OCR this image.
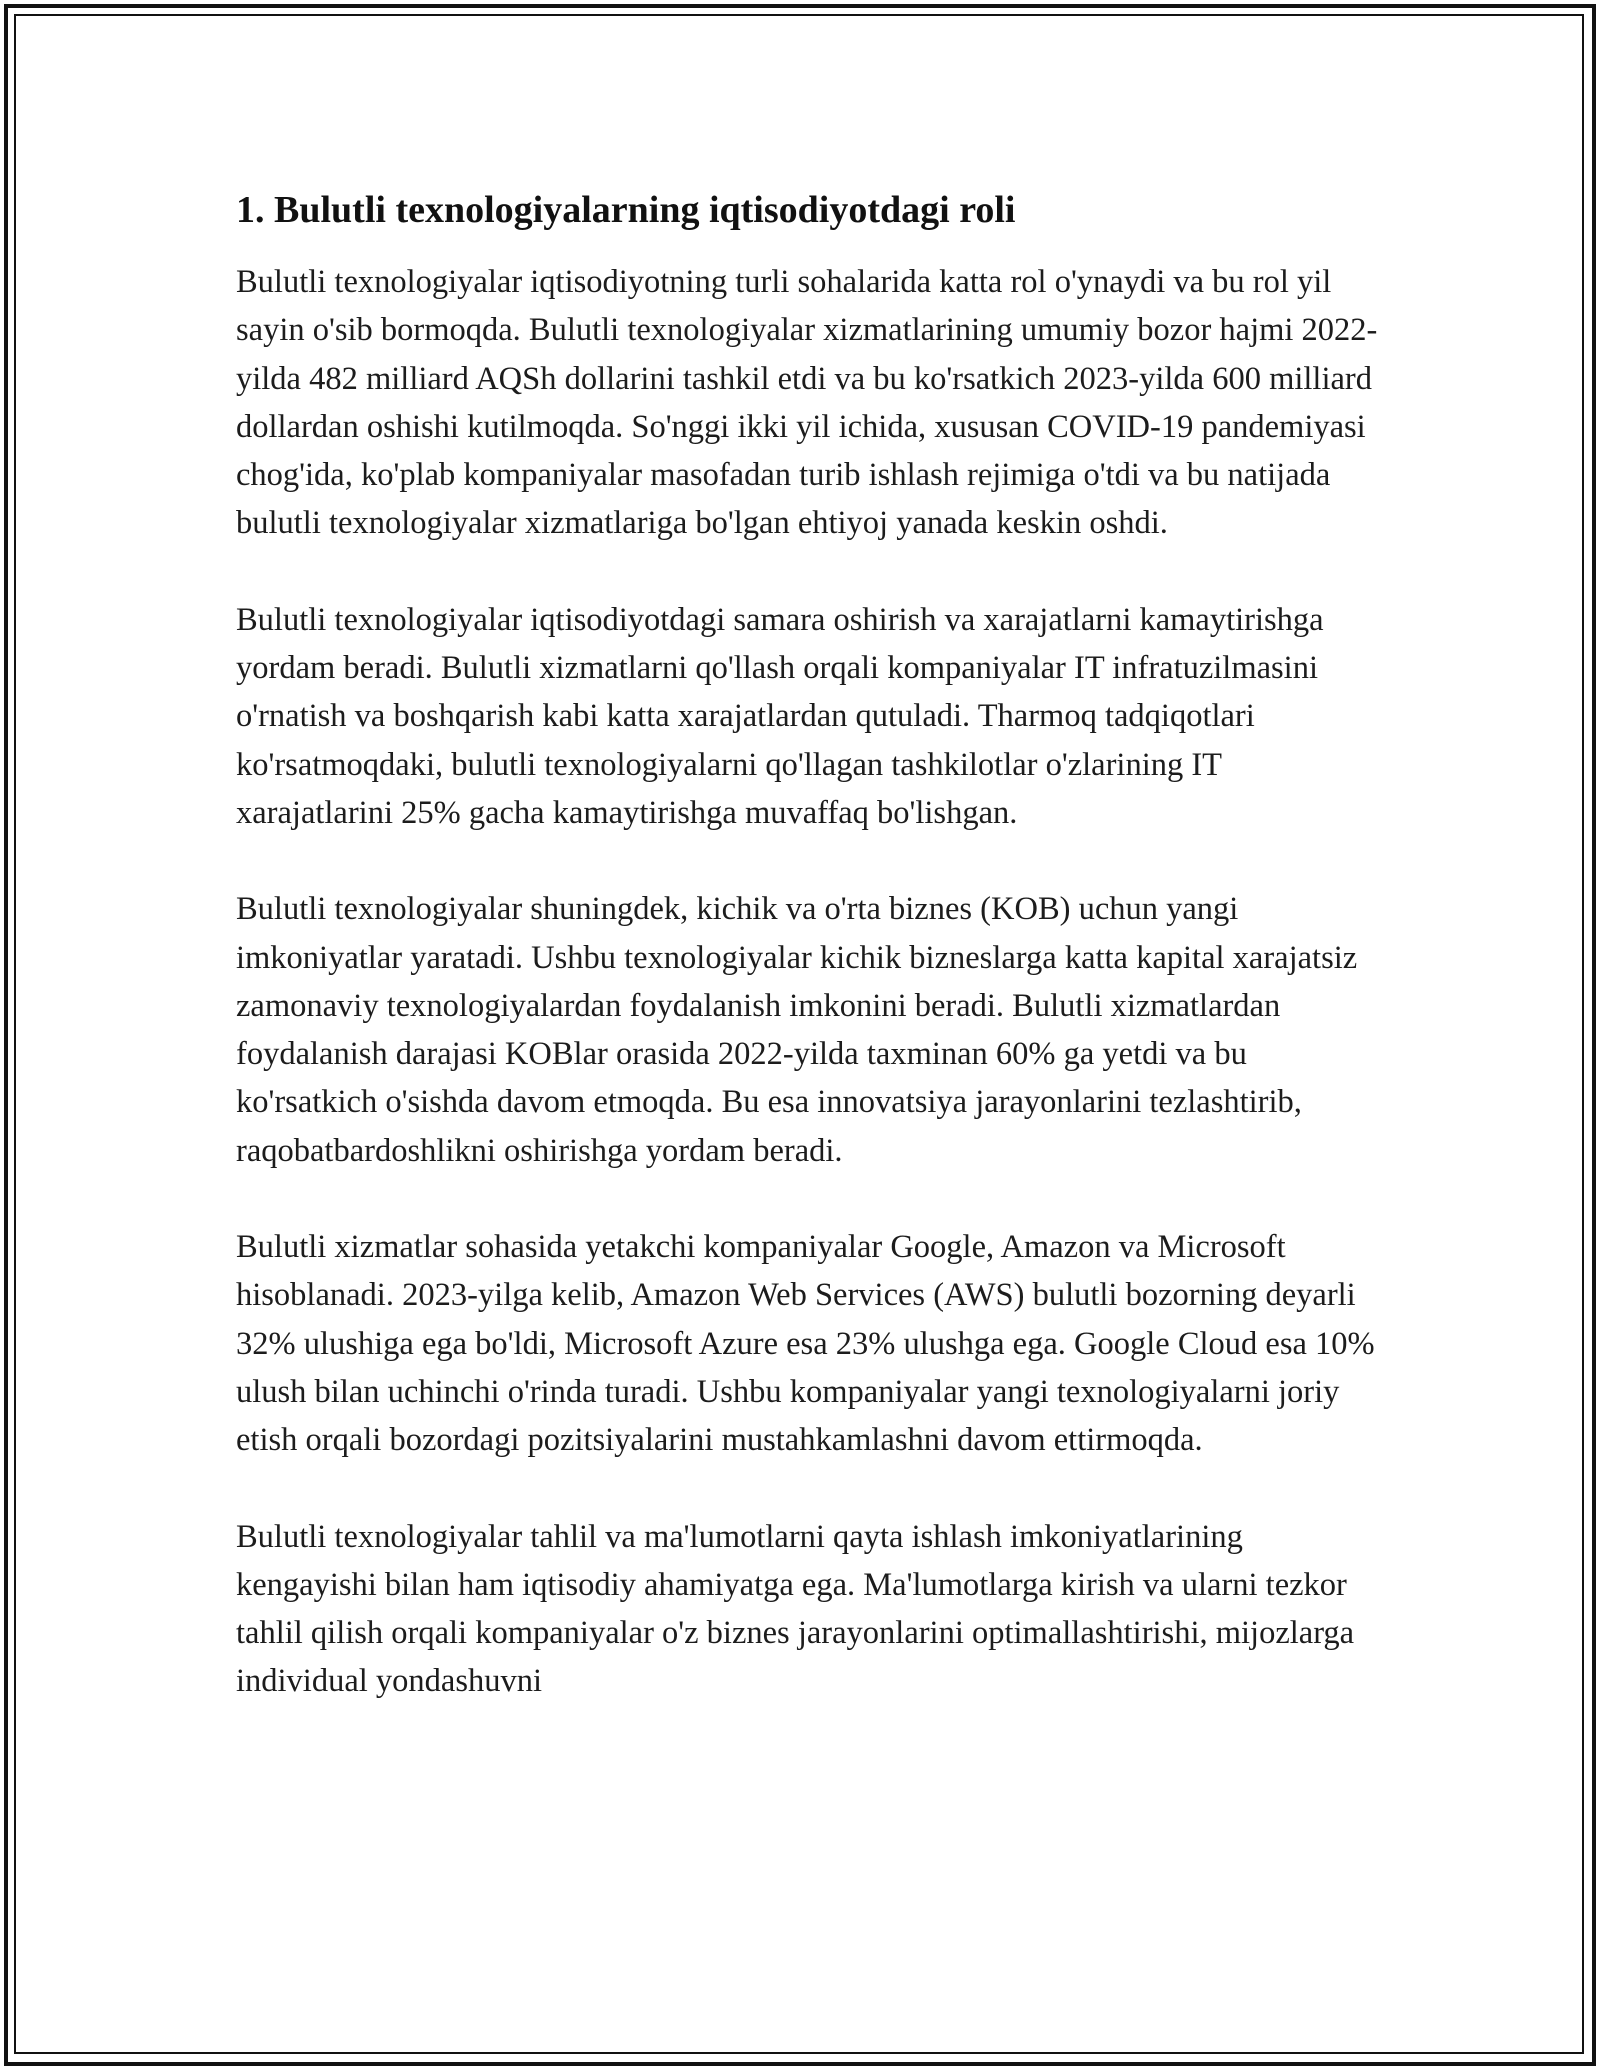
1. Bulutli texnologiyalarning iqtisodiyotdagi roli

Bulutli texnologiyalar iqtisodiyotning turli sohalarida katta rol o'ynaydi va bu rol yil sayin o'sib bormoqda. Bulutli texnologiyalar xizmatlarining umumiy bozor hajmi 2022-yilda 482 milliard AQSh dollarini tashkil etdi va bu ko'rsatkich 2023-yilda 600 milliard dollardan oshishi kutilmoqda. So'nggi ikki yil ichida, xususan COVID-19 pandemiyasi chog'ida, ko'plab kompaniyalar masofadan turib ishlash rejimiga o'tdi va bu natijada bulutli texnologiyalar xizmatlariga bo'lgan ehtiyoj yanada keskin oshdi.

Bulutli texnologiyalar iqtisodiyotdagi samara oshirish va xarajatlarni kamaytirishga yordam beradi. Bulutli xizmatlarni qo'llash orqali kompaniyalar IT infratuzilmasini o'rnatish va boshqarish kabi katta xarajatlardan qutuladi. Tharmoq tadqiqotlari ko'rsatmoqdaki, bulutli texnologiyalarni qo'llagan tashkilotlar o'zlarining IT xarajatlarini 25% gacha kamaytirishga muvaffaq bo'lishgan.

Bulutli texnologiyalar shuningdek, kichik va o'rta biznes (KOB) uchun yangi imkoniyatlar yaratadi. Ushbu texnologiyalar kichik bizneslarga katta kapital xarajatsiz zamonaviy texnologiyalardan foydalanish imkonini beradi. Bulutli xizmatlardan foydalanish darajasi KOBlar orasida 2022-yilda taxminan 60% ga yetdi va bu ko'rsatkich o'sishda davom etmoqda. Bu esa innovatsiya jarayonlarini tezlashtirib, raqobatbardoshlikni oshirishga yordam beradi.

Bulutli xizmatlar sohasida yetakchi kompaniyalar Google, Amazon va Microsoft hisoblanadi. 2023-yilga kelib, Amazon Web Services (AWS) bulutli bozorning deyarli 32% ulushiga ega bo'ldi, Microsoft Azure esa 23% ulushga ega. Google Cloud esa 10% ulush bilan uchinchi o'rinda turadi. Ushbu kompaniyalar yangi texnologiyalarni joriy etish orqali bozordagi pozitsiyalarini mustahkamlashni davom ettirmoqda.

Bulutli texnologiyalar tahlil va ma'lumotlarni qayta ishlash imkoniyatlarining kengayishi bilan ham iqtisodiy ahamiyatga ega. Ma'lumotlarga kirish va ularni tezkor tahlil qilish orqali kompaniyalar o'z biznes jarayonlarini optimallashtirishi, mijozlarga individual yondashuvni
